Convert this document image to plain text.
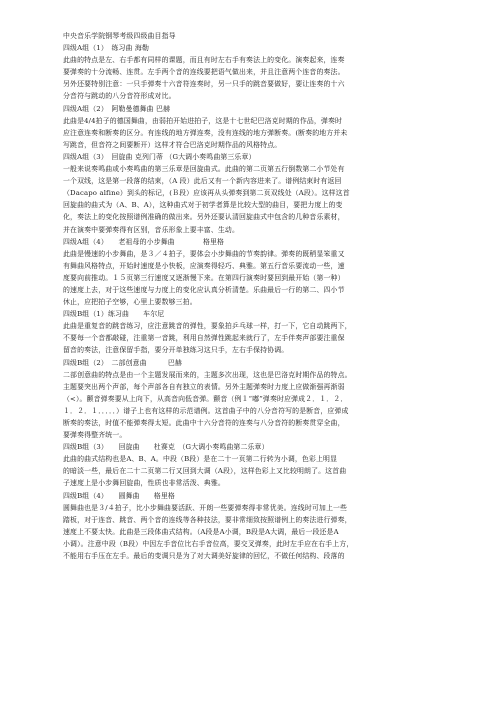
中央音乐学院钢琴考级四级曲目指导
四级A组（1）　练习曲 海勒
此曲的特点是左、右手都有同样的课题，而且有时左右手有奏法上的变化。演奏起来，连奏
要弹奏的十分流畅、连贯。左手两个音的连线要把语气做出来，并且注意两个连音的奏法。
另外还要特别注意：一只手弹奏十六音符连奏时，另一只手的跳音要做好，要让连奏的十六
分音符与跳动的八分音符形成对比。
四级A组（2）　阿勒曼德舞曲 巴赫
此曲是4/4拍子的德国舞曲，由弱拍开始进拍子，这是十七世纪巴洛克时期的作品，弹奏时
应注意连奏和断奏的区分。有连线的地方弹连奏，没有连线的地方弹断奏。(断奏的地方并未
写跳音，但音符之间要断开）这样才符合巴洛克时期作品的风格特点。
四级A组（3）　回旋曲 克列门蒂 （G大调小奏鸣曲第三乐章）
一般来说奏鸣曲或小奏鸣曲的第三乐章是回旋曲式。此曲的第二页第五行倒数第二小节处有
一个双线，这是第一段落的结束，（A 段）此后又有一个新内容进来了。谱例结束时有返回
（Dacapo alfine）到头的标记，(Ｂ段）应该再从头弹奏到第二页双线处（A段）。这样这首
回旋曲的曲式为（A、B、A），这种曲式对于初学者算是比较大型的曲目，要把力度上的变
化，奏法上的变化按照谱例准确的做出来。另外还要认清回旋曲式中包含的几种音乐素材，
并在演奏中要弹奏得有区别，音乐形象上要丰富、生动。
四级A组（4）　　老祖母的小步舞曲　　　　格里格
此曲是慢速的小步舞曲，是３／４拍子，要体会小步舞曲的节奏韵律。弹奏的既稍显笨重又
有舞曲风格特点，开始时速度是小快板，应演奏得轻巧、典雅。第五行音乐要流动一些，速
度要向前推动。１５页第三行速度又逐渐慢下来。在第四行演奏时要回到最开始（第一种）
的速度上去，对于这些速度与力度上的变化应认真分析清楚。乐曲最后一行的第二、四小节
休止，应把拍子空够，心里上要数够三拍。
四级B组（1）练习曲　　车尔尼
此曲是重复音的跳音练习，应注意跳音的弹性，要象拍乒乓球一样，打一下，它自动跳两下，
不要每一个音都敲碰，注重第一音跳，利用自然弹性跳起来就行了，左手伴奏声部要注重保
留音的奏法，注意保留手指，要分开单独练习这只手，左右手保持协调。
四级B组（2）　二部创意曲　　　巴赫
二部创意曲的特点是由一个主题发展而来的，主题多次出现，这也是巴洛克时期作品的特点。
主题要突出两个声部，每个声部各自有独立的表情。另外主题弹奏时力度上应做渐强再渐弱
（<）。颤音弹奏要从上向下，从高音向低音弹。颤音（例１“嘟”弹奏时应弹成２．１．２．
１．２．１．．．．．）谱子上也有这样的示范谱例。这首曲子中的八分音符写的是断音，应弹成
断奏的奏法，时值不能弹奏得太短。此曲中十六分音符的连奏与八分音符的断奏贯穿全曲，
要弹奏得整齐统一。
四级B组（3）　　回旋曲　　杜赛克　（G大调小奏鸣曲第二乐章）
此曲的曲式结构也是A、B、A。中段（B段）是在二十一页第二行转为小调，色彩上明显
的暗淡一些，最后在二十二页第二行又回到大调（A段），这样色彩上又比较明朗了。这首曲
子速度上是小步舞回旋曲，性质也非常活泼、典雅。
四级B组（4）　　圆舞曲　　格里格
圆舞曲也是３/４拍子，比小步舞曲要活跃、开朗一些要弹奏得非常优美。连线时可加上一些
踏板，对于连音、跳音、两个音的连线等各种技法，要非常细致按照谱例上的奏法进行弹奏，
速度上不要太快。此曲是三段体曲式结构。（A段是A小调，B段是A大调，最后一段还是A
小调）。注意中段（B段）中因左手音位比右手音位高，要交叉弹奏，此时左手应在右手上方，
不能用右手压在左手。最后的变调只是为了对大调美好旋律的回忆，不做任何结构、段落的
